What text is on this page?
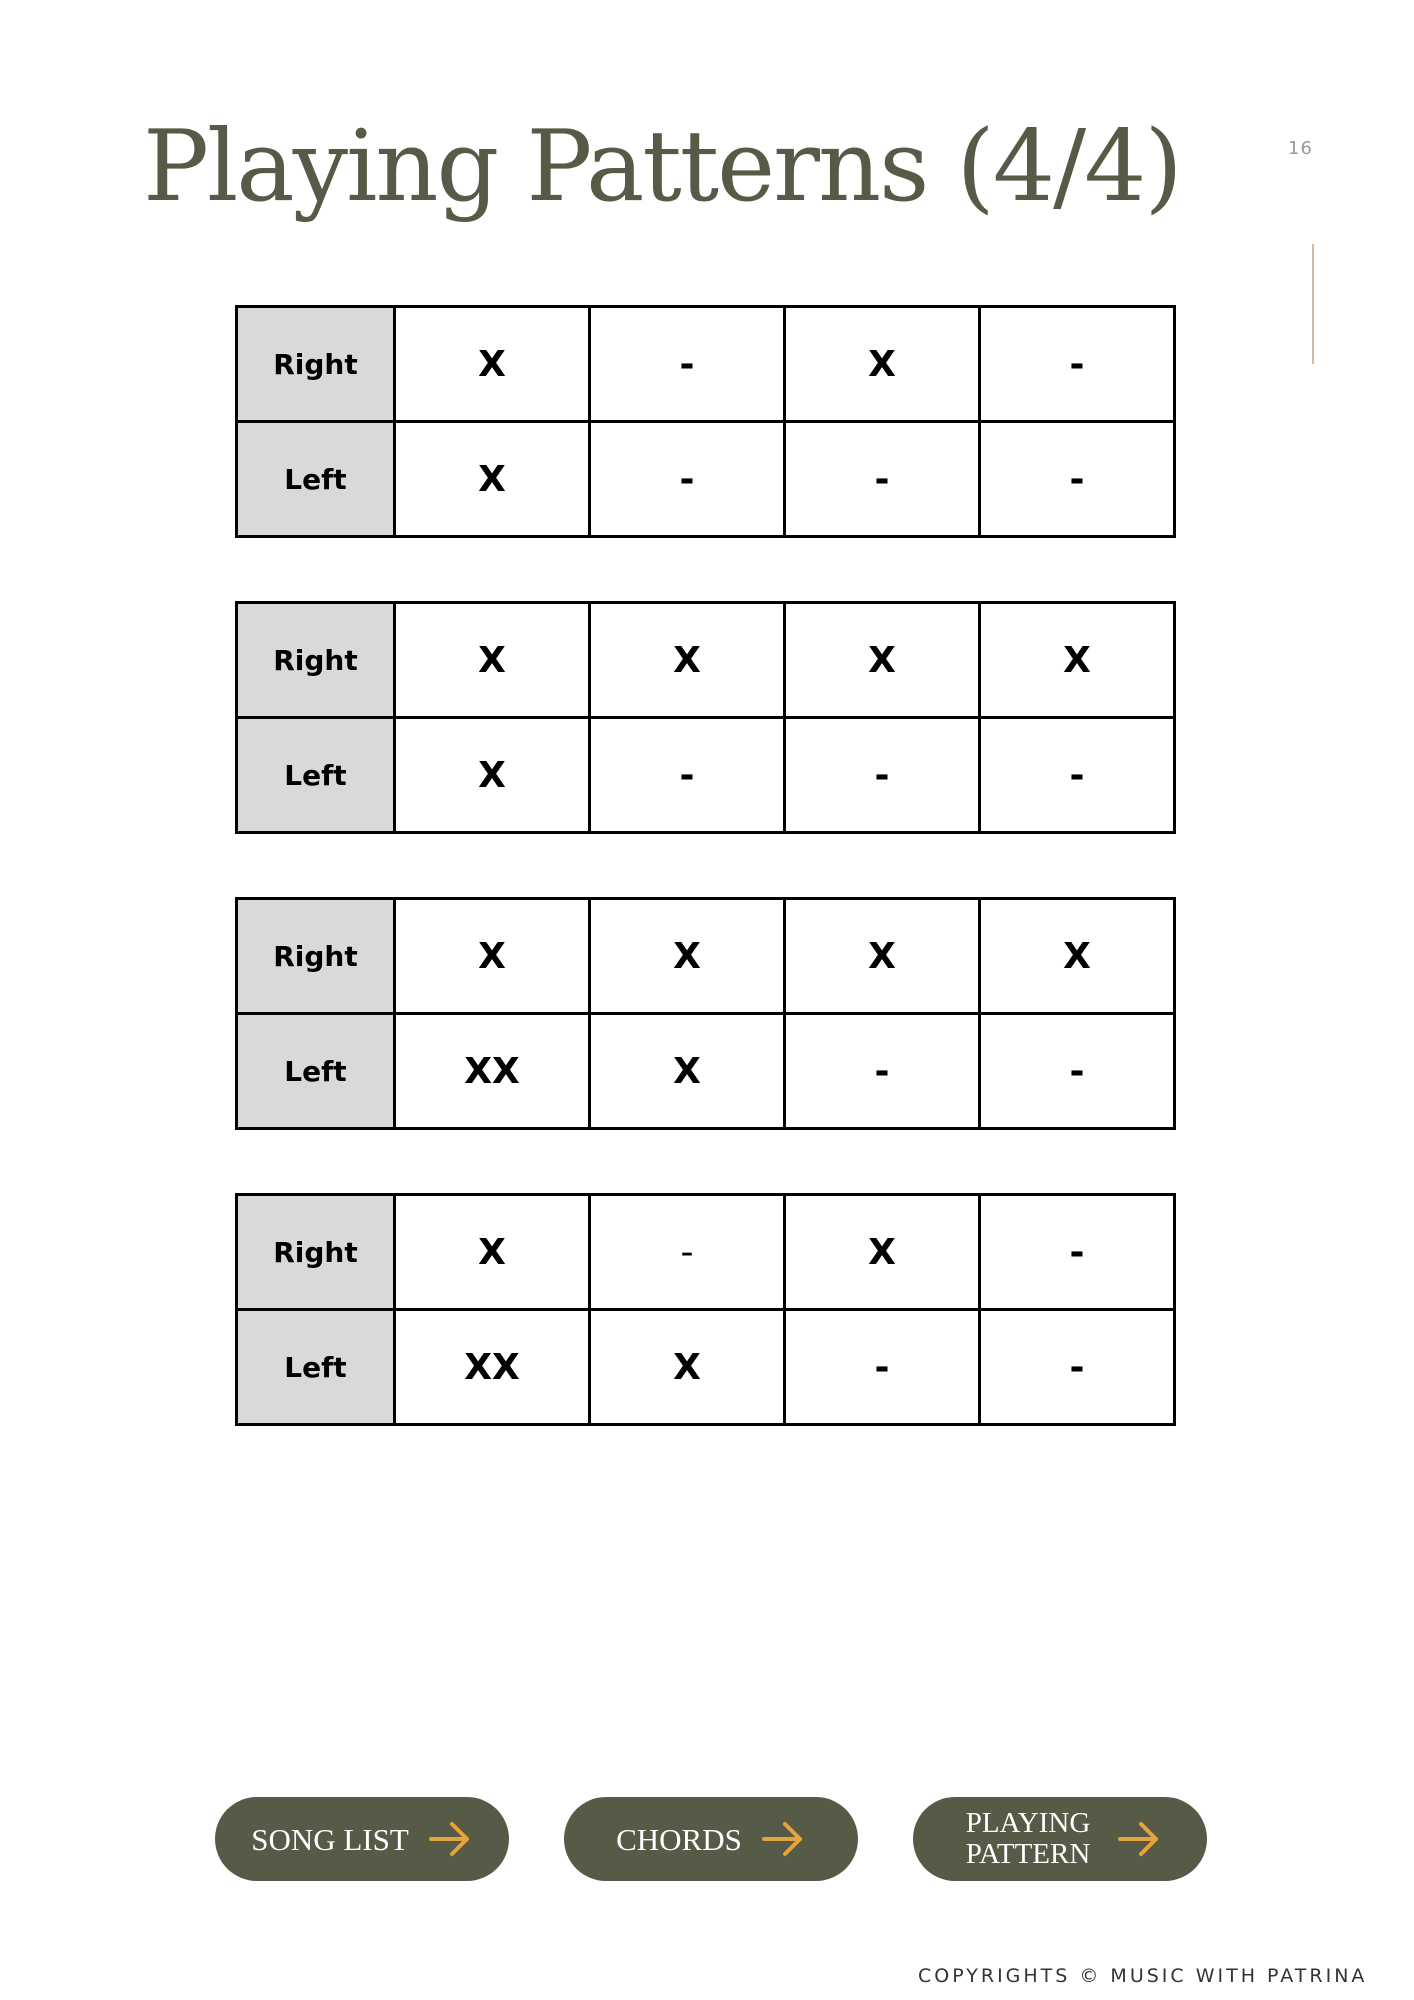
Playing Patterns (4/4)	16
Right	X	-	X	-
Left	X	-	-	-
Right	X	X	X	X
Left	X	-	-	-
Right	X	X	X	X
Left	XX	X	-	-
Right	X	-	X	-
Left	XX	X	-	-
SONG LIST	CHORDS	PLAYING
PATTERN
COPYRIGHTS © MUSIC WITH PATRINA
